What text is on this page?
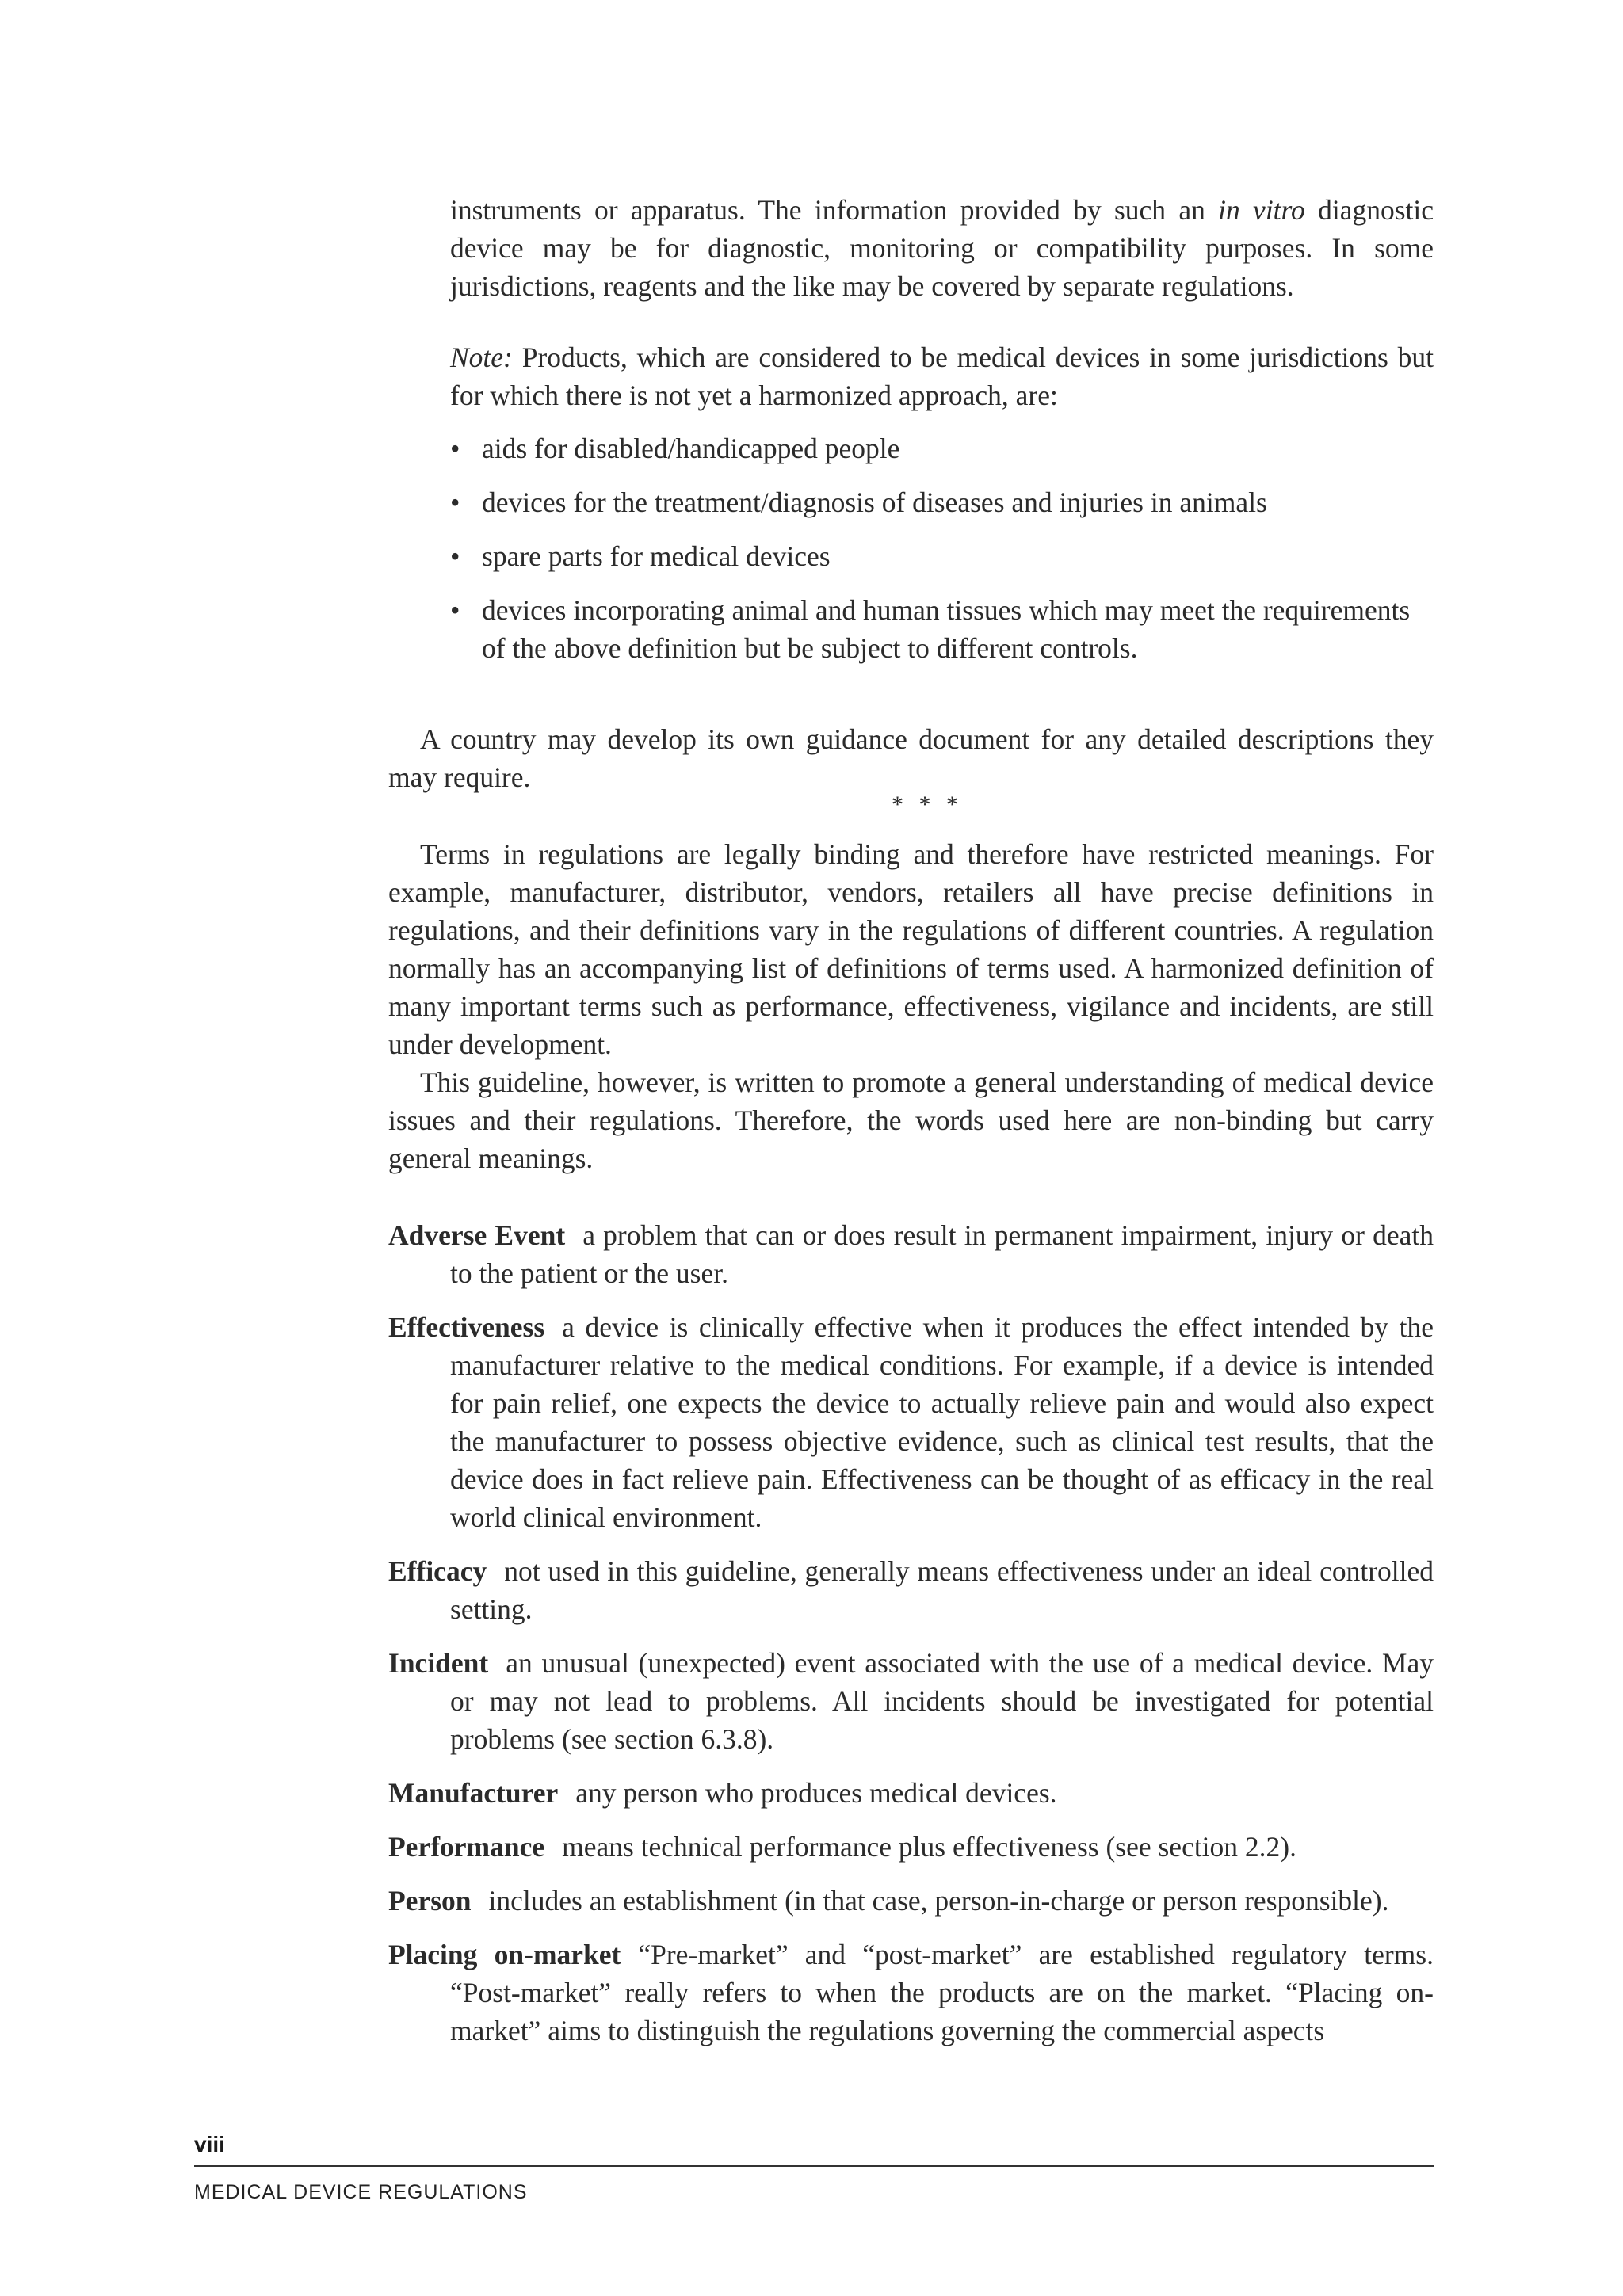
instruments or apparatus. The information provided by such an in vitro diagnostic device may be for diagnostic, monitoring or compatibility purposes. In some jurisdictions, reagents and the like may be covered by separate regulations.

Note: Products, which are considered to be medical devices in some jurisdictions but for which there is not yet a harmonized approach, are:

• aids for disabled/handicapped people
• devices for the treatment/diagnosis of diseases and injuries in animals
• spare parts for medical devices
• devices incorporating animal and human tissues which may meet the requirements of the above definition but be subject to different controls.

A country may develop its own guidance document for any detailed descriptions they may require.

* * *

Terms in regulations are legally binding and therefore have restricted meanings. For example, manufacturer, distributor, vendors, retailers all have precise definitions in regulations, and their definitions vary in the regulations of different countries. A regulation normally has an accompanying list of definitions of terms used. A harmonized definition of many important terms such as performance, effectiveness, vigilance and incidents, are still under development.

This guideline, however, is written to promote a general understanding of medical device issues and their regulations. Therefore, the words used here are non-binding but carry general meanings.

Adverse Event a problem that can or does result in permanent impairment, injury or death to the patient or the user.

Effectiveness a device is clinically effective when it produces the effect intended by the manufacturer relative to the medical conditions. For example, if a device is intended for pain relief, one expects the device to actually relieve pain and would also expect the manufacturer to possess objective evidence, such as clinical test results, that the device does in fact relieve pain. Effectiveness can be thought of as efficacy in the real world clinical environment.

Efficacy not used in this guideline, generally means effectiveness under an ideal controlled setting.

Incident an unusual (unexpected) event associated with the use of a medical device. May or may not lead to problems. All incidents should be investigated for potential problems (see section 6.3.8).

Manufacturer any person who produces medical devices.

Performance means technical performance plus effectiveness (see section 2.2).

Person includes an establishment (in that case, person-in-charge or person responsible).

Placing on-market “Pre-market” and “post-market” are established regulatory terms. “Post-market” really refers to when the products are on the market. “Placing on-market” aims to distinguish the regulations governing the commercial aspects

viii
MEDICAL DEVICE REGULATIONS
